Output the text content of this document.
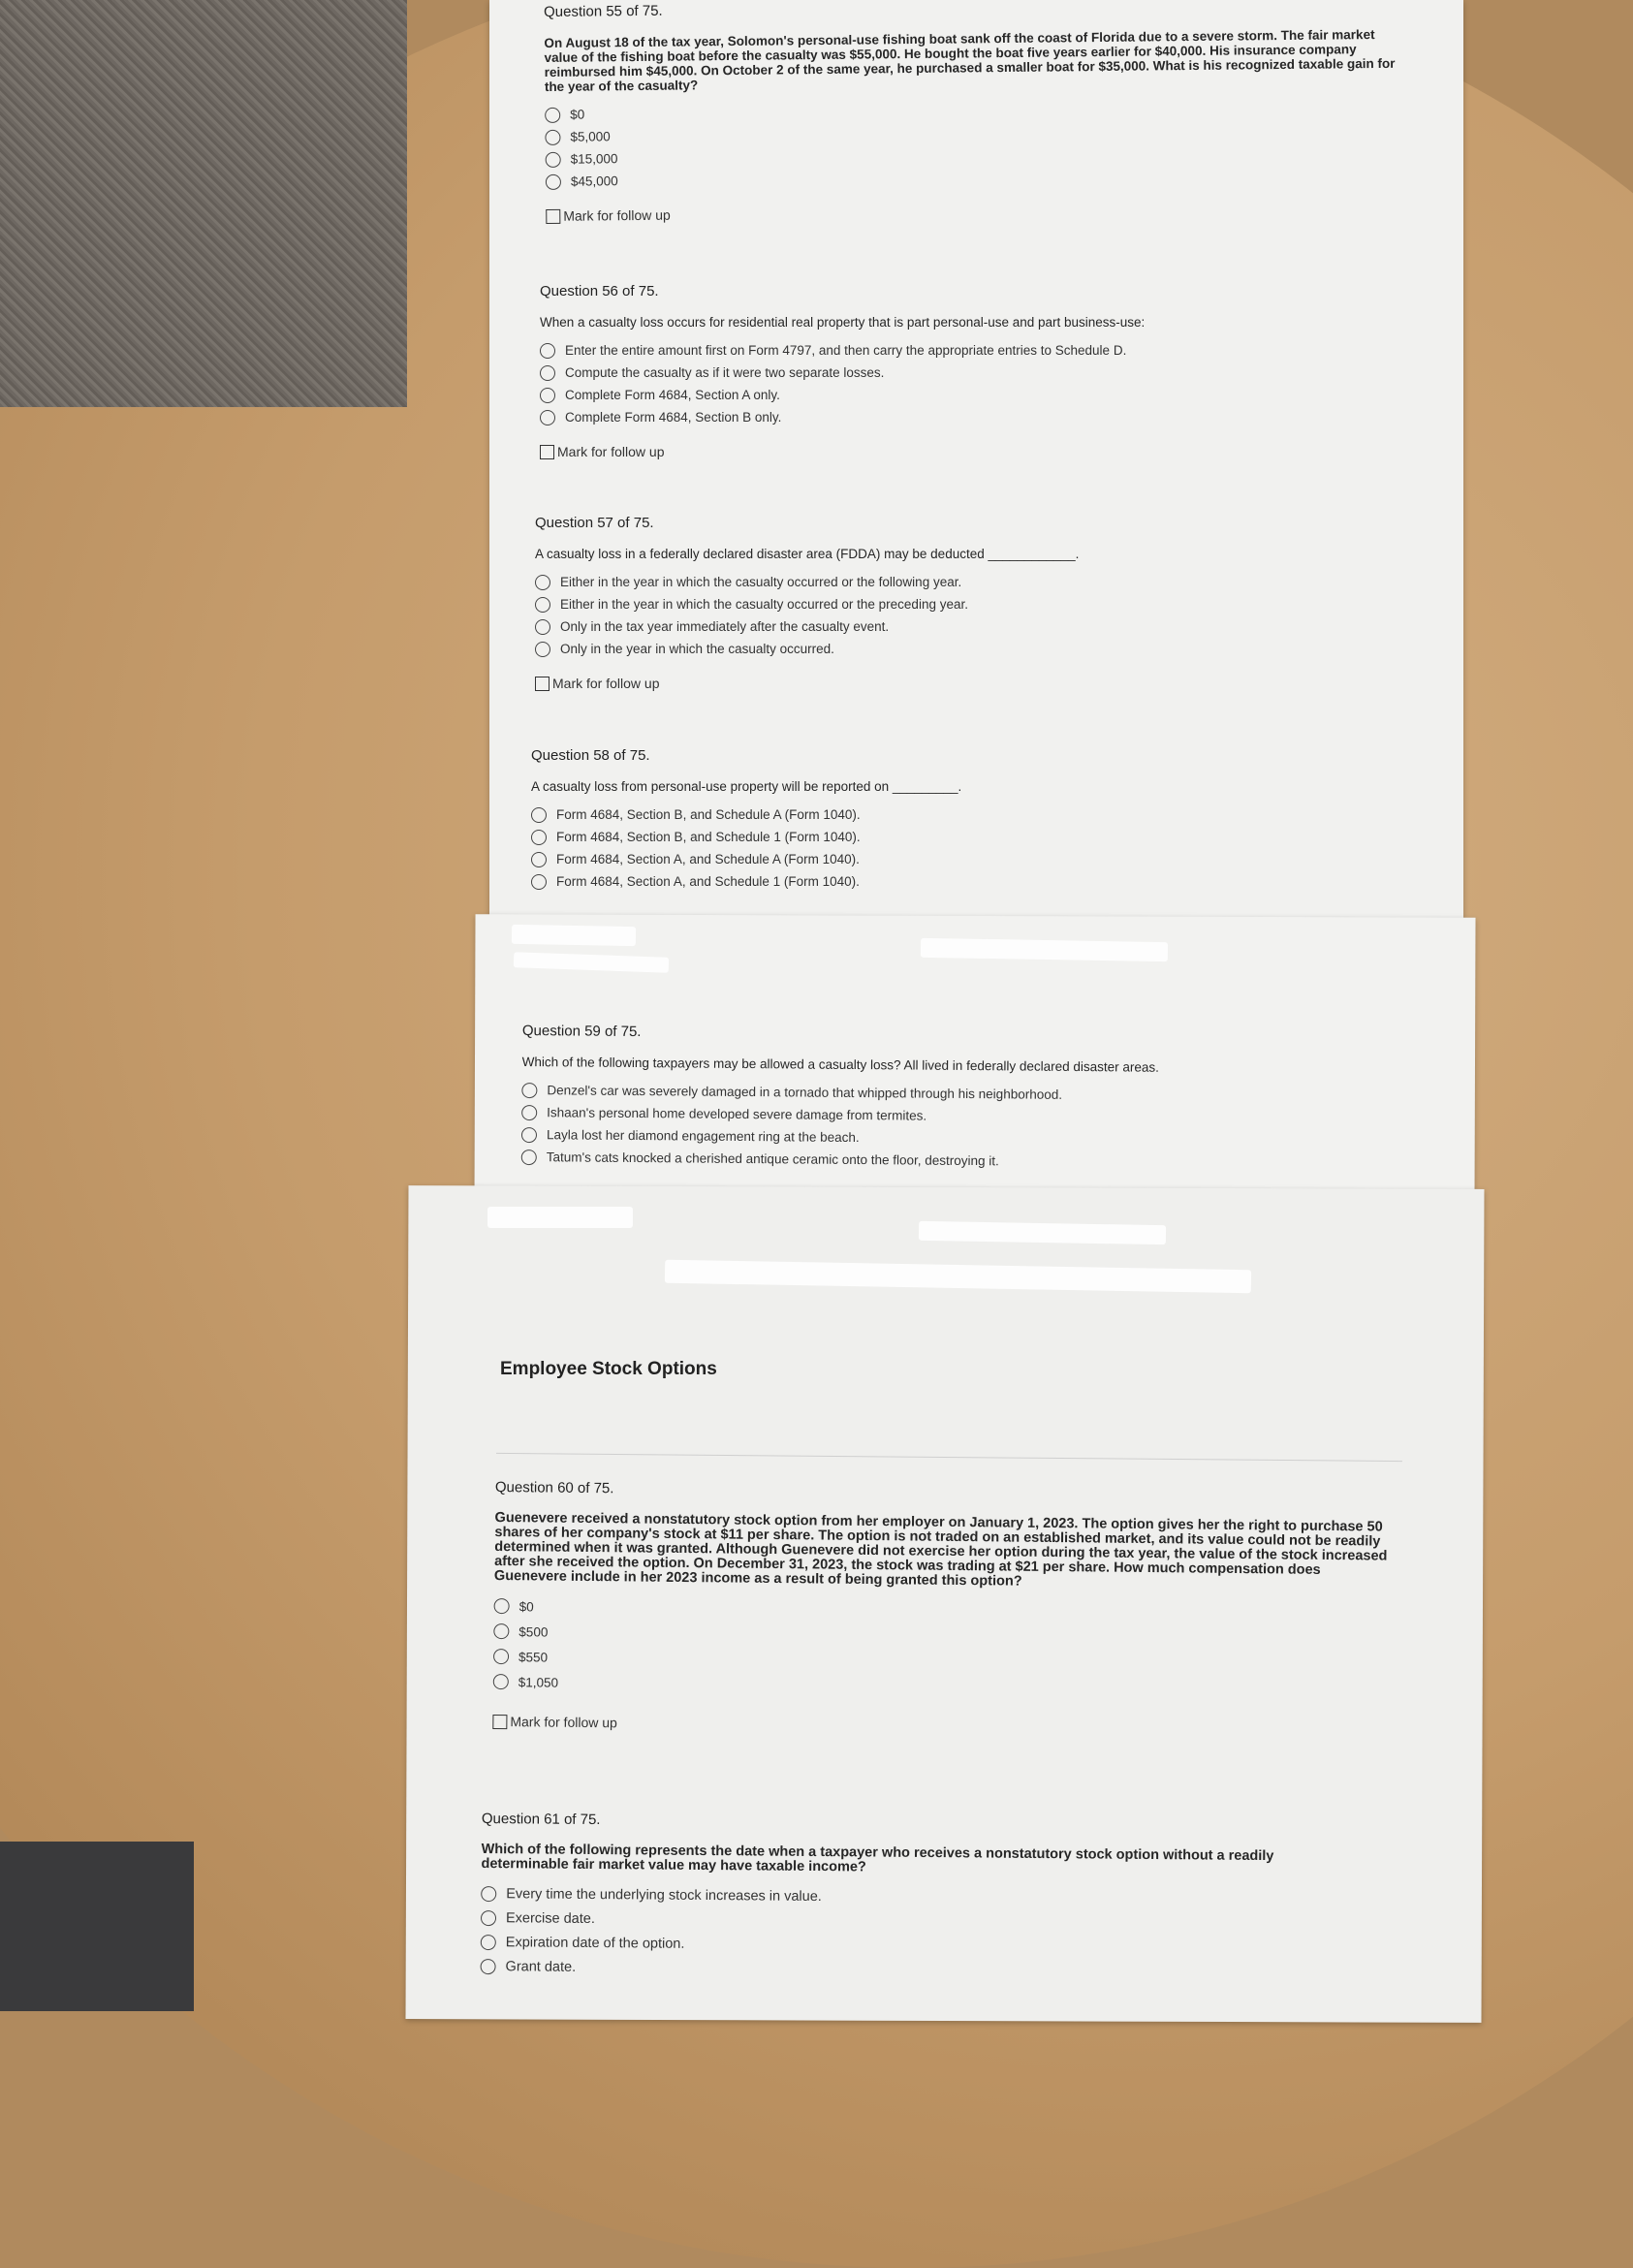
Question 55 of 75.
On August 18 of the tax year, Solomon's personal-use fishing boat sank off the coast of Florida due to a severe storm. The fair market value of the fishing boat before the casualty was $55,000. He bought the boat five years earlier for $40,000. His insurance company reimbursed him $45,000. On October 2 of the same year, he purchased a smaller boat for $35,000. What is his recognized taxable gain for the year of the casualty?
$0
$5,000
$15,000
$45,000
Mark for follow up
Question 56 of 75.
When a casualty loss occurs for residential real property that is part personal-use and part business-use:
Enter the entire amount first on Form 4797, and then carry the appropriate entries to Schedule D.
Compute the casualty as if it were two separate losses.
Complete Form 4684, Section A only.
Complete Form 4684, Section B only.
Mark for follow up
Question 57 of 75.
A casualty loss in a federally declared disaster area (FDDA) may be deducted ____________.
Either in the year in which the casualty occurred or the following year.
Either in the year in which the casualty occurred or the preceding year.
Only in the tax year immediately after the casualty event.
Only in the year in which the casualty occurred.
Mark for follow up
Question 58 of 75.
A casualty loss from personal-use property will be reported on _________.
Form 4684, Section B, and Schedule A (Form 1040).
Form 4684, Section B, and Schedule 1 (Form 1040).
Form 4684, Section A, and Schedule A (Form 1040).
Form 4684, Section A, and Schedule 1 (Form 1040).
Question 59 of 75.
Which of the following taxpayers may be allowed a casualty loss? All lived in federally declared disaster areas.
Denzel's car was severely damaged in a tornado that whipped through his neighborhood.
Ishaan's personal home developed severe damage from termites.
Layla lost her diamond engagement ring at the beach.
Tatum's cats knocked a cherished antique ceramic onto the floor, destroying it.
Employee Stock Options
Question 60 of 75.
Guenevere received a nonstatutory stock option from her employer on January 1, 2023. The option gives her the right to purchase 50 shares of her company's stock at $11 per share. The option is not traded on an established market, and its value could not be readily determined when it was granted. Although Guenevere did not exercise her option during the tax year, the value of the stock increased after she received the option. On December 31, 2023, the stock was trading at $21 per share. How much compensation does Guenevere include in her 2023 income as a result of being granted this option?
$0
$500
$550
$1,050
Mark for follow up
Question 61 of 75.
Which of the following represents the date when a taxpayer who receives a nonstatutory stock option without a readily determinable fair market value may have taxable income?
Every time the underlying stock increases in value.
Exercise date.
Expiration date of the option.
Grant date.
